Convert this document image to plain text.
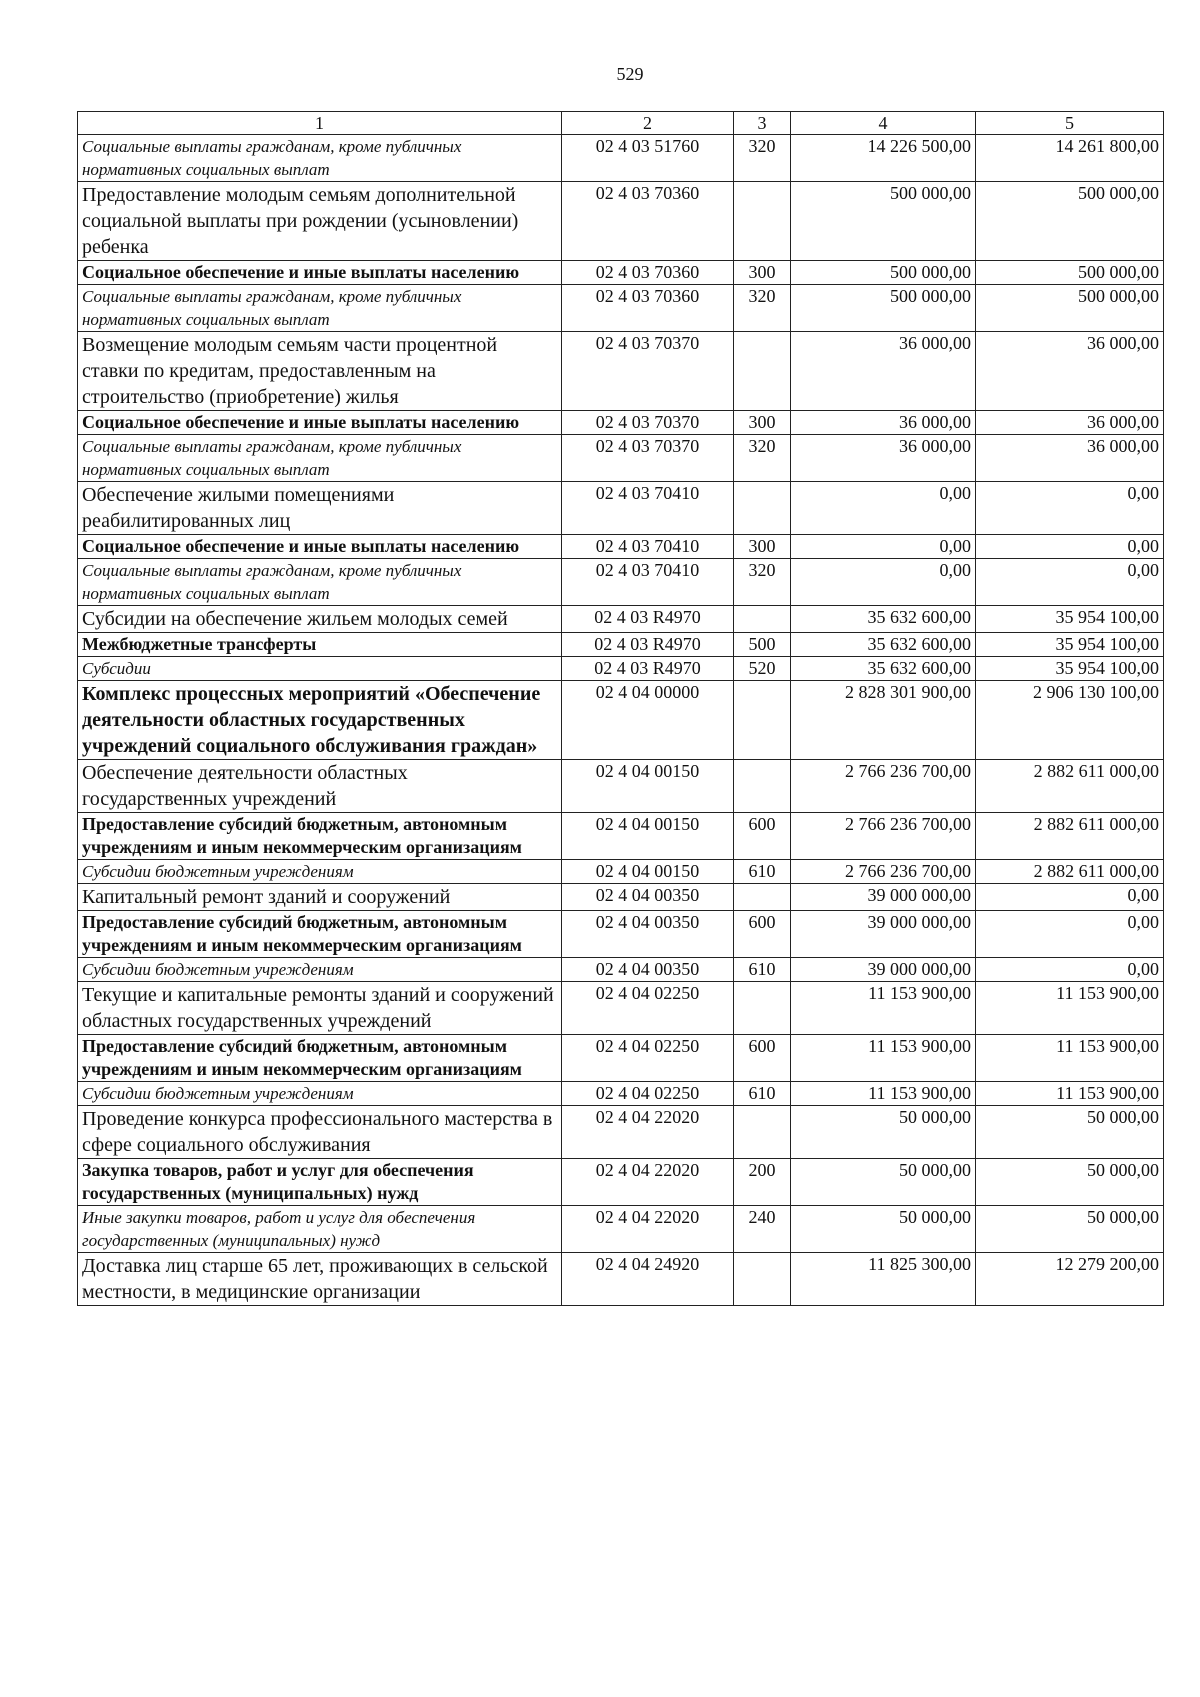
529
1	2	3	4	5
Социальные выплаты гражданам, кроме публичных нормативных социальных выплат	02 4 03 51760	320	14 226 500,00	14 261 800,00
Предоставление молодым семьям дополнительной социальной выплаты при рождении (усыновлении) ребенка	02 4 03 70360		500 000,00	500 000,00
Социальное обеспечение и иные выплаты населению	02 4 03 70360	300	500 000,00	500 000,00
Социальные выплаты гражданам, кроме публичных нормативных социальных выплат	02 4 03 70360	320	500 000,00	500 000,00
Возмещение молодым семьям части процентной ставки по кредитам, предоставленным на строительство (приобретение) жилья	02 4 03 70370		36 000,00	36 000,00
Социальное обеспечение и иные выплаты населению	02 4 03 70370	300	36 000,00	36 000,00
Социальные выплаты гражданам, кроме публичных нормативных социальных выплат	02 4 03 70370	320	36 000,00	36 000,00
Обеспечение жилыми помещениями реабилитированных лиц	02 4 03 70410		0,00	0,00
Социальное обеспечение и иные выплаты населению	02 4 03 70410	300	0,00	0,00
Социальные выплаты гражданам, кроме публичных нормативных социальных выплат	02 4 03 70410	320	0,00	0,00
Субсидии на обеспечение жильем молодых семей	02 4 03 R4970		35 632 600,00	35 954 100,00
Межбюджетные трансферты	02 4 03 R4970	500	35 632 600,00	35 954 100,00
Субсидии	02 4 03 R4970	520	35 632 600,00	35 954 100,00
Комплекс процессных мероприятий «Обеспечение деятельности областных государственных учреждений социального обслуживания граждан»	02 4 04 00000		2 828 301 900,00	2 906 130 100,00
Обеспечение деятельности областных государственных учреждений	02 4 04 00150		2 766 236 700,00	2 882 611 000,00
Предоставление субсидий бюджетным, автономным учреждениям и иным некоммерческим организациям	02 4 04 00150	600	2 766 236 700,00	2 882 611 000,00
Субсидии бюджетным учреждениям	02 4 04 00150	610	2 766 236 700,00	2 882 611 000,00
Капитальный ремонт зданий и сооружений	02 4 04 00350		39 000 000,00	0,00
Предоставление субсидий бюджетным, автономным учреждениям и иным некоммерческим организациям	02 4 04 00350	600	39 000 000,00	0,00
Субсидии бюджетным учреждениям	02 4 04 00350	610	39 000 000,00	0,00
Текущие и капитальные ремонты зданий и сооружений областных государственных учреждений	02 4 04 02250		11 153 900,00	11 153 900,00
Предоставление субсидий бюджетным, автономным учреждениям и иным некоммерческим организациям	02 4 04 02250	600	11 153 900,00	11 153 900,00
Субсидии бюджетным учреждениям	02 4 04 02250	610	11 153 900,00	11 153 900,00
Проведение конкурса профессионального мастерства в сфере социального обслуживания	02 4 04 22020		50 000,00	50 000,00
Закупка товаров, работ и услуг для обеспечения государственных (муниципальных) нужд	02 4 04 22020	200	50 000,00	50 000,00
Иные закупки товаров, работ и услуг для обеспечения государственных (муниципальных) нужд	02 4 04 22020	240	50 000,00	50 000,00
Доставка лиц старше 65 лет, проживающих в сельской местности, в медицинские организации	02 4 04 24920		11 825 300,00	12 279 200,00
